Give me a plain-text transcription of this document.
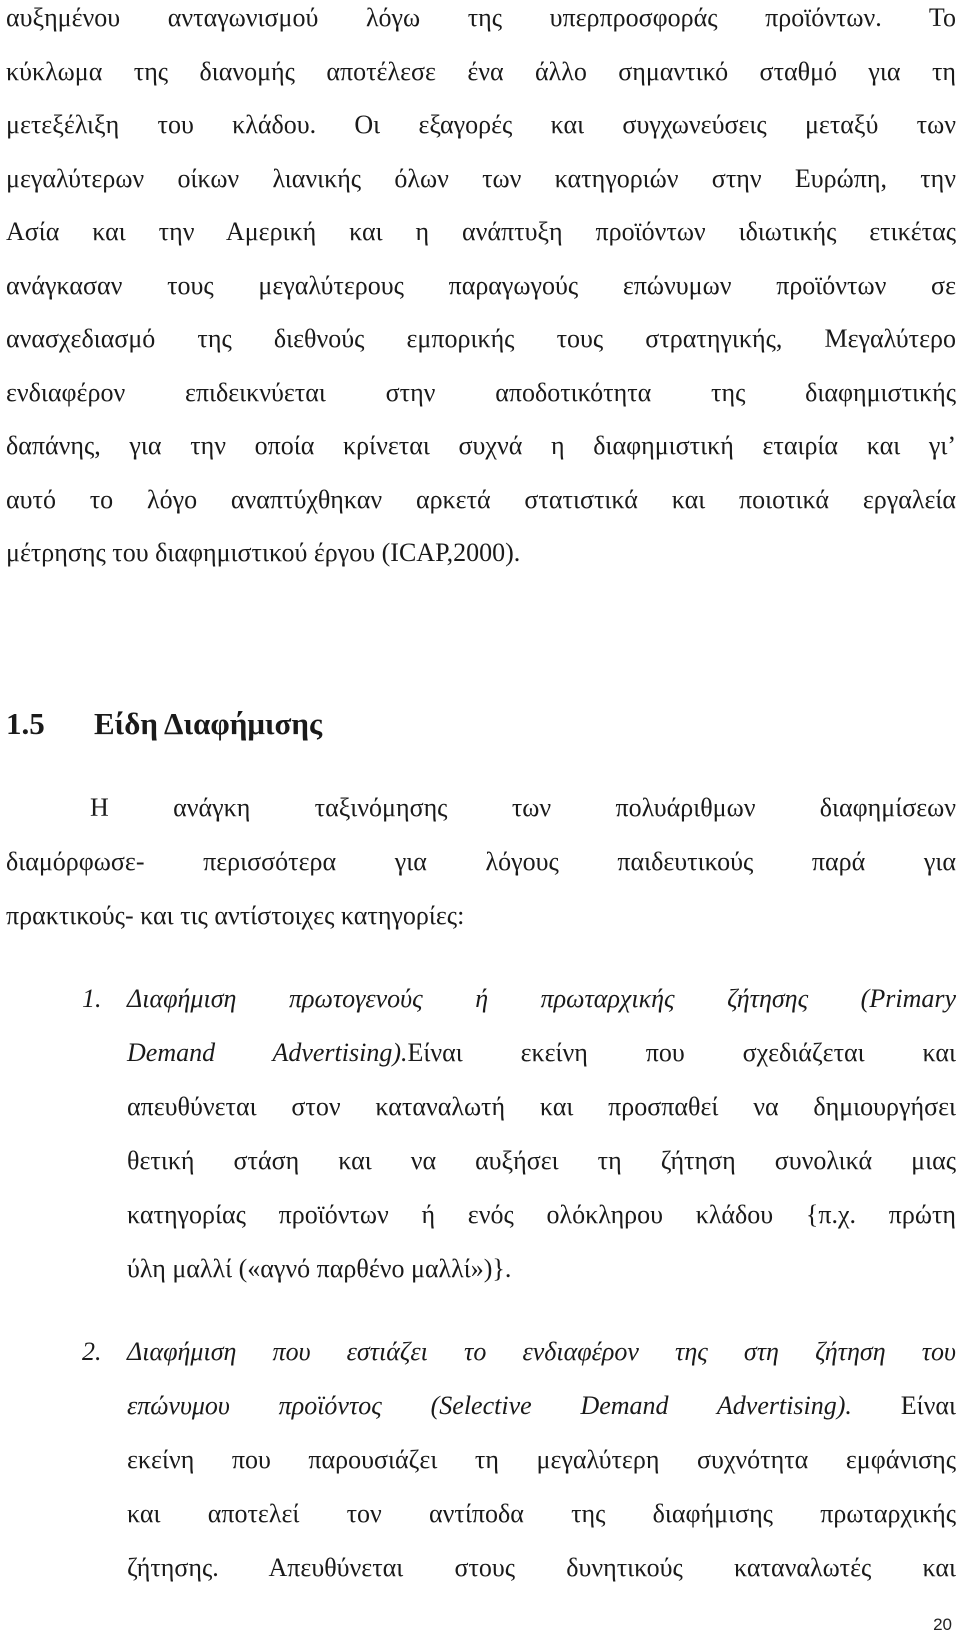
αυξημένου ανταγωνισμού λόγω της υπερπροσφοράς προϊόντων. Το
κύκλωμα της διανομής αποτέλεσε ένα άλλο σημαντικό σταθμό για τη
μετεξέλιξη του κλάδου. Οι εξαγορές και συγχωνεύσεις μεταξύ των
μεγαλύτερων οίκων λιανικής όλων των κατηγοριών στην Ευρώπη, την
Ασία και την Αμερική και η ανάπτυξη προϊόντων ιδιωτικής ετικέτας
ανάγκασαν τους μεγαλύτερους παραγωγούς επώνυμων προϊόντων σε
ανασχεδιασμό της διεθνούς εμπορικής τους στρατηγικής, Μεγαλύτερο
ενδιαφέρον επιδεικνύεται στην αποδοτικότητα της διαφημιστικής
δαπάνης, για την οποία κρίνεται συχνά η διαφημιστική εταιρία και γι’
αυτό το λόγο αναπτύχθηκαν αρκετά στατιστικά και ποιοτικά εργαλεία
μέτρησης του διαφημιστικού έργου (ICAP,2000).
1.5 Είδη Διαφήμισης
Η ανάγκη ταξινόμησης των πολυάριθμων διαφημίσεων
διαμόρφωσε- περισσότερα για λόγους παιδευτικούς παρά για
πρακτικούς- και τις αντίστοιχες κατηγορίες:
1. Διαφήμιση πρωτογενούς ή πρωταρχικής ζήτησης (Primary
Demand Advertising).Είναι εκείνη που σχεδιάζεται και
απευθύνεται στον καταναλωτή και προσπαθεί να δημιουργήσει
θετική στάση και να αυξήσει τη ζήτηση συνολικά μιας
κατηγορίας προϊόντων ή ενός ολόκληρου κλάδου {π.χ. πρώτη
ύλη μαλλί («αγνό παρθένο μαλλί»)}.
2. Διαφήμιση που εστιάζει το ενδιαφέρον της στη ζήτηση του
επώνυμου προϊόντος (Selective Demand Advertising). Είναι
εκείνη που παρουσιάζει τη μεγαλύτερη συχνότητα εμφάνισης
και αποτελεί τον αντίποδα της διαφήμισης πρωταρχικής
ζήτησης. Απευθύνεται στους δυνητικούς καταναλωτές και
20
